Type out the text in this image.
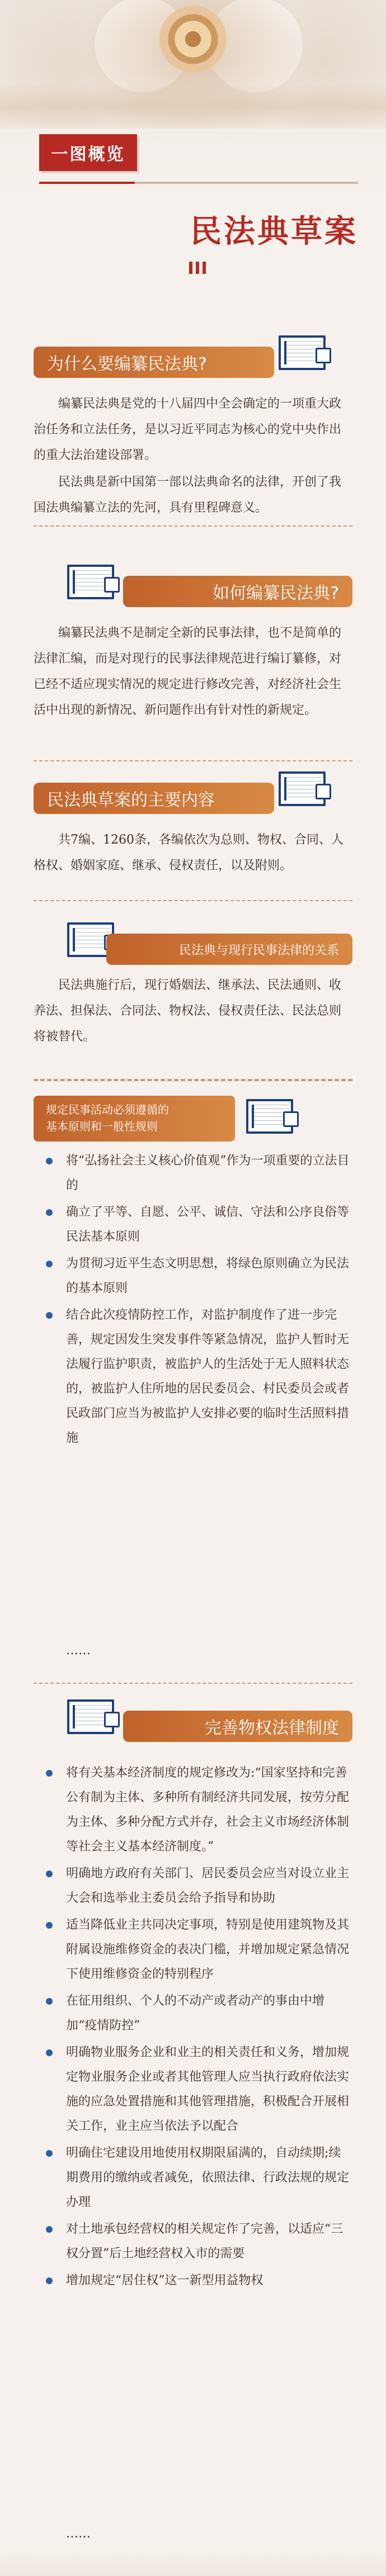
一图概览
民法典草案
为什么要编纂民法典?
编纂民法典是党的十八届四中全会确定的一项重大政治任务和立法任务，是以习近平同志为核心的党中央作出的重大法治建设部署。
民法典是新中国第一部以法典命名的法律，开创了我国法典编纂立法的先河，具有里程碑意义。
如何编纂民法典?
编纂民法典不是制定全新的民事法律，也不是简单的法律汇编，而是对现行的民事法律规范进行编订纂修，对已经不适应现实情况的规定进行修改完善，对经济社会生活中出现的新情况、新问题作出有针对性的新规定。
民法典草案的主要内容
共7编、1260条，各编依次为总则、物权、合同、人格权、婚姻家庭、继承、侵权责任，以及附则。
民法典与现行民事法律的关系
民法典施行后，现行婚姻法、继承法、民法通则、收养法、担保法、合同法、物权法、侵权责任法、民法总则将被替代。
规定民事活动必须遵循的
基本原则和一般性规则
将“弘扬社会主义核心价值观”作为一项重要的立法目的
确立了平等、自愿、公平、诚信、守法和公序良俗等民法基本原则
为贯彻习近平生态文明思想，将绿色原则确立为民法的基本原则
结合此次疫情防控工作，对监护制度作了进一步完善，规定因发生突发事件等紧急情况，监护人暂时无法履行监护职责，被监护人的生活处于无人照料状态的，被监护人住所地的居民委员会、村民委员会或者民政部门应当为被监护人安排必要的临时生活照料措施
……
完善物权法律制度
将有关基本经济制度的规定修改为:“国家坚持和完善公有制为主体、多种所有制经济共同发展，按劳分配为主体、多种分配方式并存，社会主义市场经济体制等社会主义基本经济制度。”
明确地方政府有关部门、居民委员会应当对设立业主大会和选举业主委员会给予指导和协助
适当降低业主共同决定事项，特别是使用建筑物及其附属设施维修资金的表决门槛，并增加规定紧急情况下使用维修资金的特别程序
在征用组织、个人的不动产或者动产的事由中增加“疫情防控”
明确物业服务企业和业主的相关责任和义务，增加规定物业服务企业或者其他管理人应当执行政府依法实施的应急处置措施和其他管理措施，积极配合开展相关工作，业主应当依法予以配合
明确住宅建设用地使用权期限届满的，自动续期;续期费用的缴纳或者减免，依照法律、行政法规的规定办理
对土地承包经营权的相关规定作了完善，以适应“三权分置”后土地经营权入市的需要
增加规定“居住权”这一新型用益物权
……
